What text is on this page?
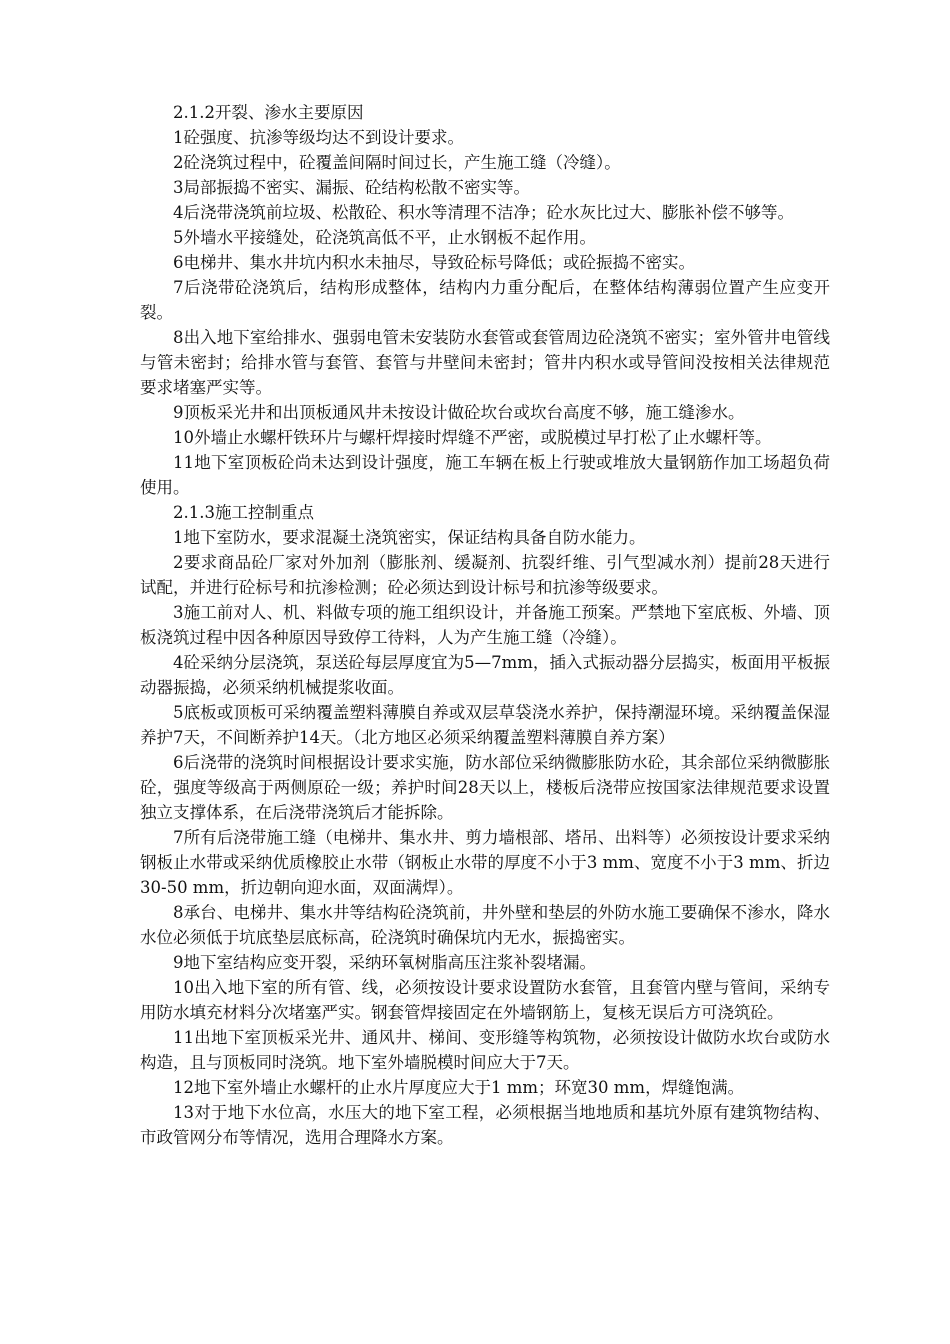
2.1.2开裂、渗水主要原因

1砼强度、抗渗等级均达不到设计要求。

2砼浇筑过程中，砼覆盖间隔时间过长，产生施工缝（冷缝）。

3局部振捣不密实、漏振、砼结构松散不密实等。

4后浇带浇筑前垃圾、松散砼、积水等清理不洁净；砼水灰比过大、膨胀补偿不够等。

5外墙水平接缝处，砼浇筑高低不平，止水钢板不起作用。

6电梯井、集水井坑内积水未抽尽，导致砼标号降低；或砼振捣不密实。

7后浇带砼浇筑后，结构形成整体，结构内力重分配后，在整体结构薄弱位置产生应变开裂。

8出入地下室给排水、强弱电管未安装防水套管或套管周边砼浇筑不密实；室外管井电管线与管未密封；给排水管与套管、套管与井壁间未密封；管井内积水或导管间没按相关法律规范要求堵塞严实等。

9顶板采光井和出顶板通风井未按设计做砼坎台或坎台高度不够，施工缝渗水。

10外墙止水螺杆铁环片与螺杆焊接时焊缝不严密，或脱模过早打松了止水螺杆等。

11地下室顶板砼尚未达到设计强度，施工车辆在板上行驶或堆放大量钢筋作加工场超负荷使用。

2.1.3施工控制重点

1地下室防水，要求混凝土浇筑密实，保证结构具备自防水能力。

2要求商品砼厂家对外加剂（膨胀剂、缓凝剂、抗裂纤维、引气型减水剂）提前28天进行试配，并进行砼标号和抗渗检测；砼必须达到设计标号和抗渗等级要求。

3施工前对人、机、料做专项的施工组织设计，并备施工预案。严禁地下室底板、外墙、顶板浇筑过程中因各种原因导致停工待料，人为产生施工缝（冷缝）。

4砼采纳分层浇筑，泵送砼每层厚度宜为5—7mm，插入式振动器分层捣实，板面用平板振动器振捣，必须采纳机械提浆收面。

5底板或顶板可采纳覆盖塑料薄膜自养或双层草袋浇水养护，保持潮湿环境。采纳覆盖保湿养护7天，不间断养护14天。（北方地区必须采纳覆盖塑料薄膜自养方案）

6后浇带的浇筑时间根据设计要求实施，防水部位采纳微膨胀防水砼，其余部位采纳微膨胀砼，强度等级高于两侧原砼一级；养护时间28天以上，楼板后浇带应按国家法律规范要求设置独立支撑体系，在后浇带浇筑后才能拆除。

7所有后浇带施工缝（电梯井、集水井、剪力墙根部、塔吊、出料等）必须按设计要求采纳钢板止水带或采纳优质橡胶止水带（钢板止水带的厚度不小于3 mm、宽度不小于3 mm、折边30-50 mm，折边朝向迎水面，双面满焊）。

8承台、电梯井、集水井等结构砼浇筑前，井外壁和垫层的外防水施工要确保不渗水，降水水位必须低于坑底垫层底标高，砼浇筑时确保坑内无水，振捣密实。

9地下室结构应变开裂，采纳环氧树脂高压注浆补裂堵漏。

10出入地下室的所有管、线，必须按设计要求设置防水套管，且套管内壁与管间，采纳专用防水填充材料分次堵塞严实。钢套管焊接固定在外墙钢筋上，复核无误后方可浇筑砼。

11出地下室顶板采光井、通风井、梯间、变形缝等构筑物，必须按设计做防水坎台或防水构造，且与顶板同时浇筑。地下室外墙脱模时间应大于7天。

12地下室外墙止水螺杆的止水片厚度应大于1 mm；环宽30 mm，焊缝饱满。

13对于地下水位高，水压大的地下室工程，必须根据当地地质和基坑外原有建筑物结构、市政管网分布等情况，选用合理降水方案。
